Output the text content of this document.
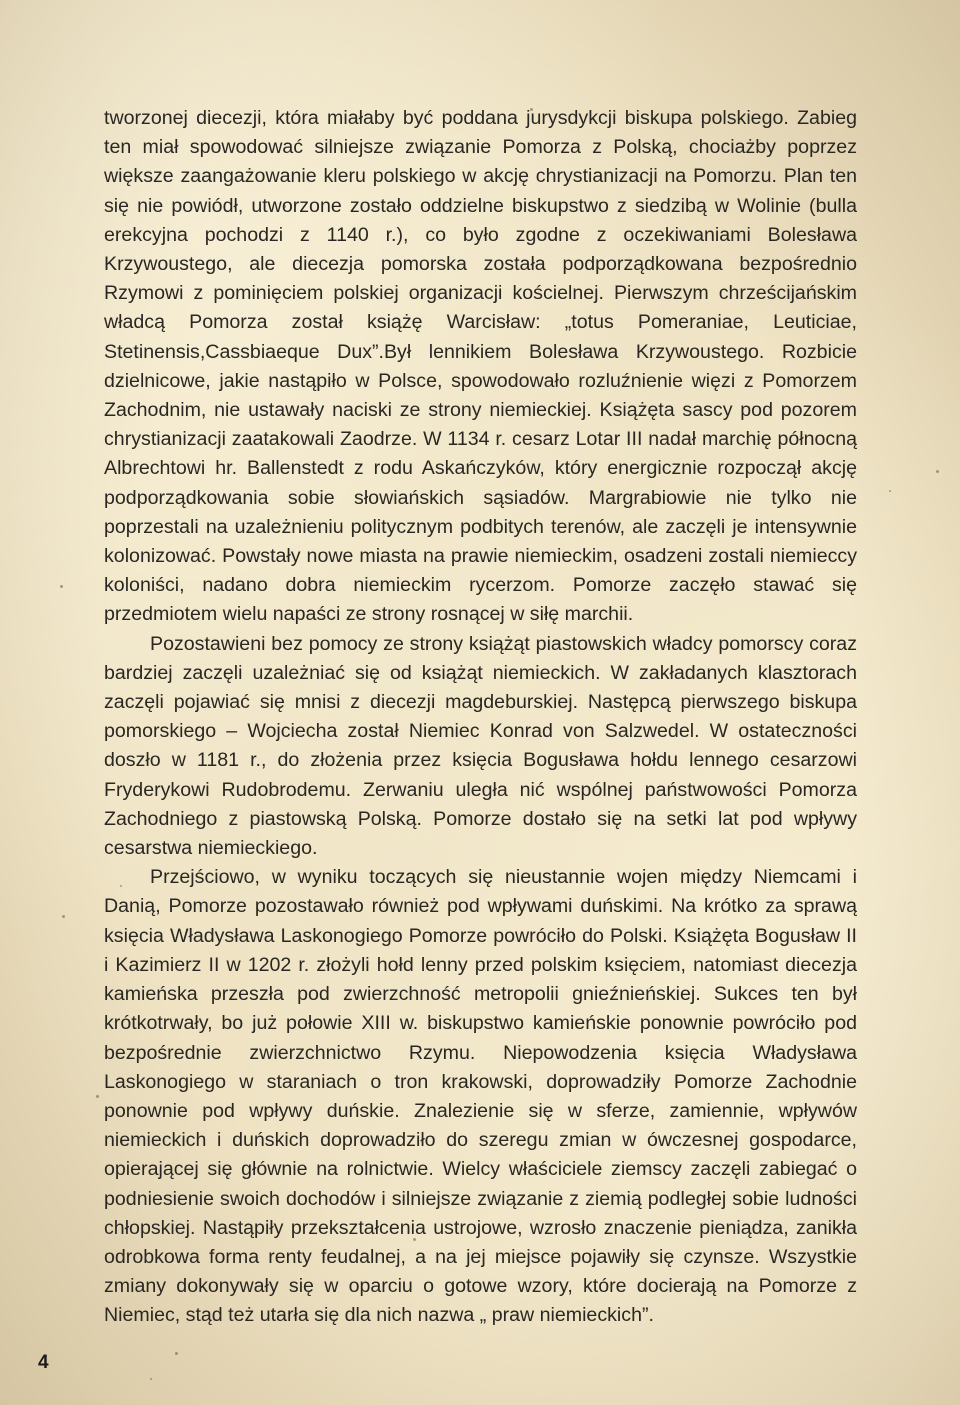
tworzonej diecezji, która miałaby być poddana jurysdykcji biskupa polskiego. Zabieg ten miał spowodować silniejsze związanie Pomorza z Polską, chociażby poprzez większe zaangażowanie kleru polskiego w akcję chrystianizacji na Pomorzu. Plan ten się nie powiódł, utworzone zostało oddzielne biskupstwo z siedzibą w Wolinie (bulla erekcyjna pochodzi z 1140 r.), co było zgodne z oczekiwaniami Bolesława Krzywoustego, ale diecezja pomorska została podporządkowana bezpośrednio Rzymowi z pominięciem polskiej organizacji kościelnej. Pierwszym chrześcijańskim władcą Pomorza został książę Warcisław: „totus Pomeraniae, Leuticiae, Stetinensis,Cassbiaeque Dux”.Był lennikiem Bolesława Krzywoustego. Rozbicie dzielnicowe, jakie nastąpiło w Polsce, spowodowało rozluźnienie więzi z Pomorzem Zachodnim, nie ustawały naciski ze strony niemieckiej. Książęta sascy pod pozorem chrystianizacji zaatakowali Zaodrze. W 1134 r. cesarz Lotar III nadał marchię północną Albrechtowi hr. Ballenstedt z rodu Askańczyków, który energicznie rozpoczął akcję podporządkowania sobie słowiańskich sąsiadów. Margrabiowie nie tylko nie poprzestali na uzależnieniu politycznym podbitych terenów, ale zaczęli je intensywnie kolonizować. Powstały nowe miasta na prawie niemieckim, osadzeni zostali niemieccy koloniści, nadano dobra niemieckim rycerzom. Pomorze zaczęło stawać się przedmiotem wielu napaści ze strony rosnącej w siłę marchii.

Pozostawieni bez pomocy ze strony książąt piastowskich władcy pomorscy coraz bardziej zaczęli uzależniać się od książąt niemieckich. W zakładanych klasztorach zaczęli pojawiać się mnisi z diecezji magdeburskiej. Następcą pierwszego biskupa pomorskiego – Wojciecha został Niemiec Konrad von Salzwedel. W ostateczności doszło w 1181 r., do złożenia przez księcia Bogusława hołdu lennego cesarzowi Fryderykowi Rudobrodemu. Zerwaniu uległa nić wspólnej państwowości Pomorza Zachodniego z piastowską Polską. Pomorze dostało się na setki lat pod wpływy cesarstwa niemieckiego.

Przejściowo, w wyniku toczących się nieustannie wojen między Niemcami i Danią, Pomorze pozostawało również pod wpływami duńskimi. Na krótko za sprawą księcia Władysława Laskonogiego Pomorze powróciło do Polski. Książęta Bogusław II i Kazimierz II w 1202 r. złożyli hołd lenny przed polskim księciem, natomiast diecezja kamieńska przeszła pod zwierzchność metropolii gnieźnieńskiej. Sukces ten był krótkotrwały, bo już połowie XIII w. biskupstwo kamieńskie ponownie powróciło pod bezpośrednie zwierzchnictwo Rzymu. Niepowodzenia księcia Władysława Laskonogiego w staraniach o tron krakowski, doprowadziły Pomorze Zachodnie ponownie pod wpływy duńskie. Znalezienie się w sferze, zamiennie, wpływów niemieckich i duńskich doprowadziło do szeregu zmian w ówczesnej gospodarce, opierającej się głównie na rolnictwie. Wielcy właściciele ziemscy zaczęli zabiegać o podniesienie swoich dochodów i silniejsze związanie z ziemią podległej sobie ludności chłopskiej. Nastąpiły przekształcenia ustrojowe, wzrosło znaczenie pieniądza, zanikła odrobkowa forma renty feudalnej, a na jej miejsce pojawiły się czynsze. Wszystkie zmiany dokonywały się w oparciu o gotowe wzory, które docierają na Pomorze z Niemiec, stąd też utarła się dla nich nazwa „ praw niemieckich”.

4
